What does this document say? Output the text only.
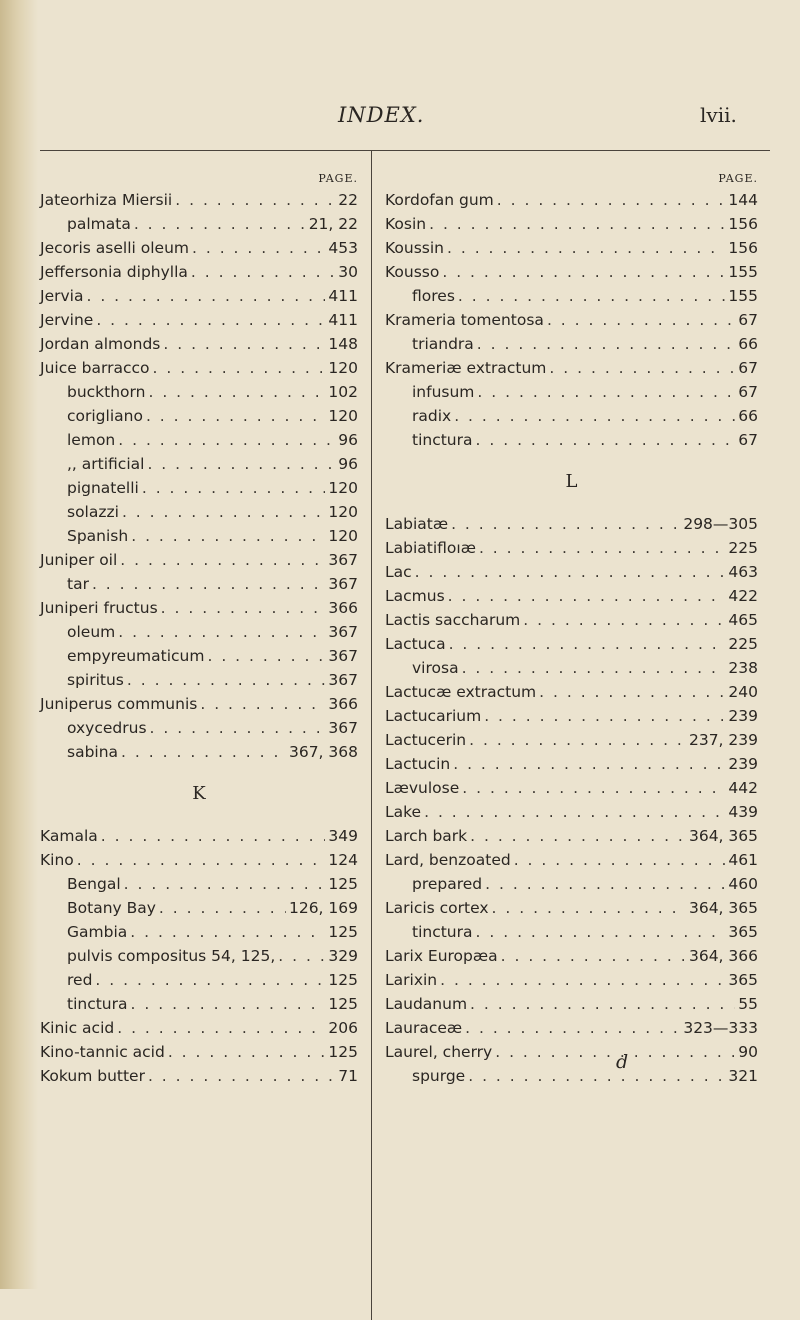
INDEX.	lvii.
PAGE.
Jateorhiza Miersii . . .	22
palmata . . .	21, 22
Jecoris aselli oleum . . .	453
Jeffersonia diphylla . . .	30
Jervia . . .	411
Jervine . . .	411
Jordan almonds . . .	148
Juice barracco . . .	120
buckthorn . . .	102
corigliano . . .	120
lemon . . .	96
,, artificial . . .	96
pignatelli . . .	120
solazzi . . .	120
Spanish . . .	120
Juniper oil . . .	367
tar . . .	367
Juniperi fructus . . .	366
oleum . . .	367
empyreumaticum . . .	367
spiritus . . .	367
Juniperus communis . . .	366
oxycedrus . . .	367
sabina . . .	367, 368
K
Kamala . . .	349
Kino . . .	124
Bengal . . .	125
Botany Bay . . .	126, 169
Gambia . . .	125
pulvis compositus 54, 125, . . .	329
red . . .	125
tinctura . . .	125
Kinic acid . . .	206
Kino-tannic acid . . .	125
Kokum butter . . .	71
PAGE.
Kordofan gum . . .	144
Kosin . . .	156
Koussin . . .	156
Kousso . . .	155
flores . . .	155
Krameria tomentosa . . .	67
triandra . . .	66
Krameriæ extractum . . .	67
infusum . . .	67
radix . . .	66
tinctura . . .	67
L
Labiatæ . . .	298—305
Labiatifloıæ . . .	225
Lac . . .	463
Lacmus . . .	422
Lactis saccharum . . .	465
Lactuca . . .	225
virosa . . .	238
Lactucæ extractum . . .	240
Lactucarium . . .	239
Lactucerin . . .	237, 239
Lactucin . . .	239
Lævulose . . .	442
Lake . . .	439
Larch bark . . .	364, 365
Lard, benzoated . . .	461
prepared . . .	460
Laricis cortex . . .	364, 365
tinctura . . .	365
Larix Europæa . . .	364, 366
Larixin . . .	365
Laudanum . . .	55
Lauraceæ . . .	323—333
Laurel, cherry . . .	90
spurge . . .	321
d
